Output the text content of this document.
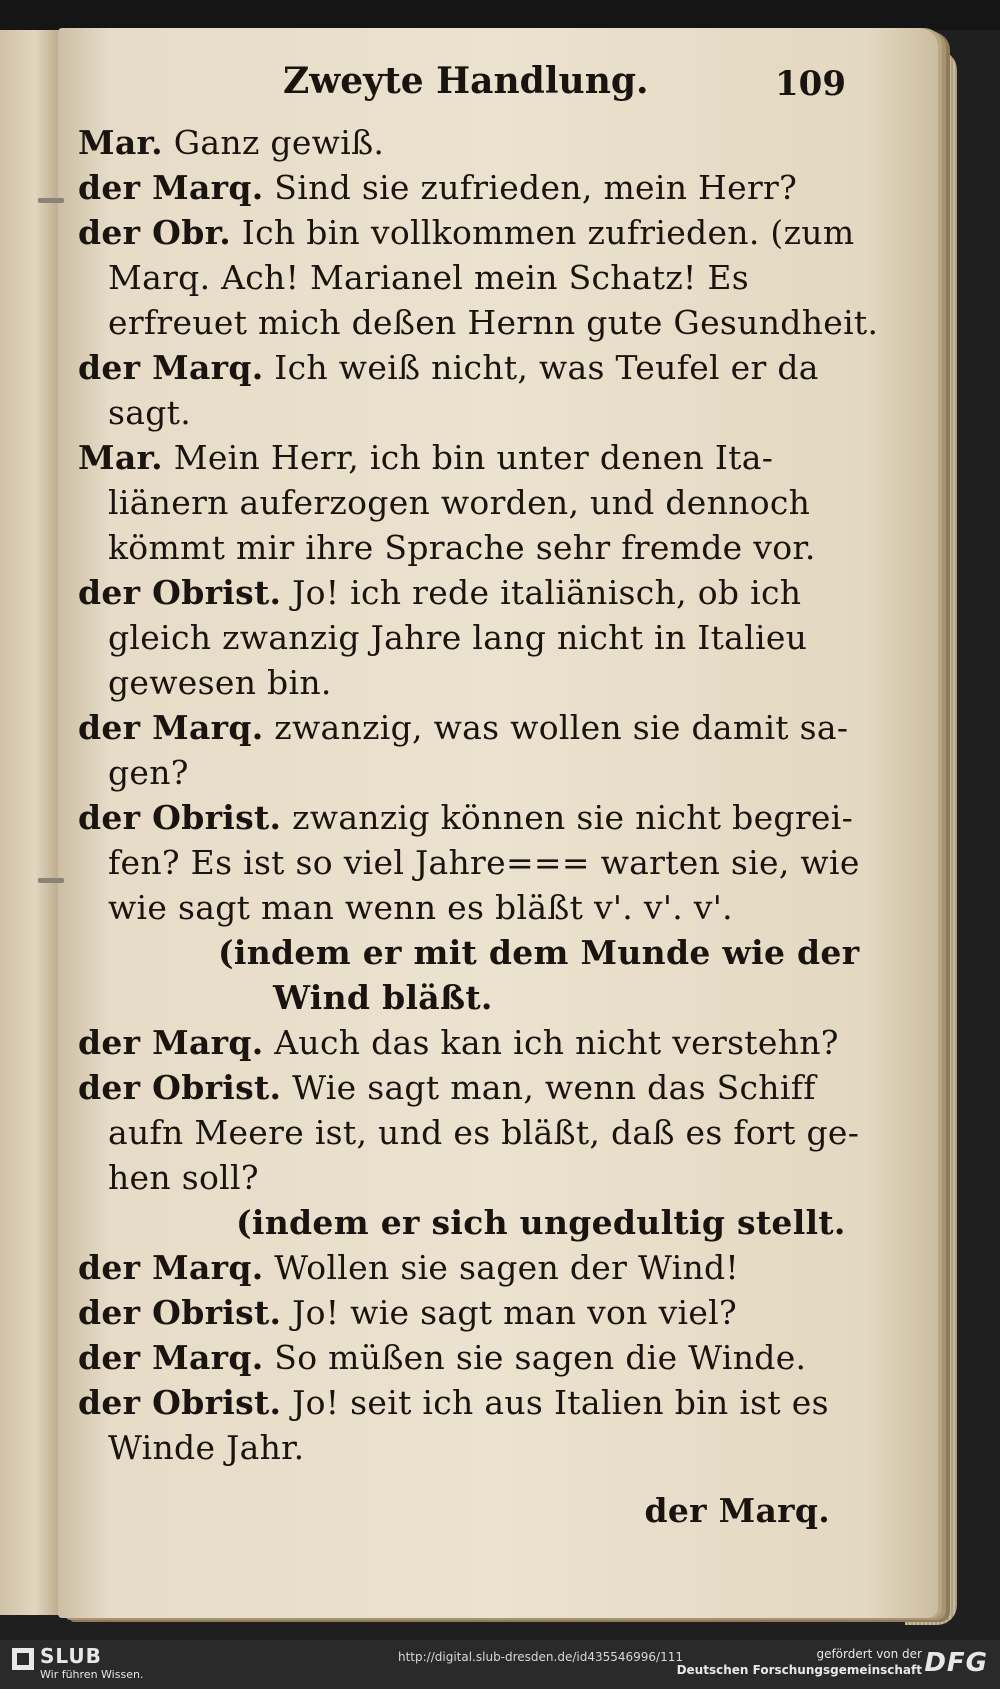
Zweyte Handlung.	109
Mar. Ganz gewiß.
der Marq. Sind sie zufrieden, mein Herr?
der Obr. Ich bin vollkommen zufrieden. (zum
Marq. Ach! Marianel mein Schatz! Es
erfreuet mich deßen Hernn gute Gesundheit.
der Marq. Ich weiß nicht, was Teufel er da
sagt.
Mar. Mein Herr, ich bin unter denen Ita-
liänern auferzogen worden, und dennoch
kömmt mir ihre Sprache sehr fremde vor.
der Obrist. Jo! ich rede italiänisch, ob ich
gleich zwanzig Jahre lang nicht in Italieu
gewesen bin.
der Marq. zwanzig, was wollen sie damit sa-
gen?
der Obrist. zwanzig können sie nicht begrei-
fen? Es ist so viel Jahre=== warten sie, wie
wie sagt man wenn es bläßt v'. v'. v'.
(indem er mit dem Munde wie der
Wind bläßt.
der Marq. Auch das kan ich nicht verstehn?
der Obrist. Wie sagt man, wenn das Schiff
aufn Meere ist, und es bläßt, daß es fort ge-
hen soll?
(indem er sich ungedultig stellt.
der Marq. Wollen sie sagen der Wind!
der Obrist. Jo! wie sagt man von viel?
der Marq. So müßen sie sagen die Winde.
der Obrist. Jo! seit ich aus Italien bin ist es
Winde Jahr.
der Marq.
SLUB
Wir führen Wissen.
http://digital.slub-dresden.de/id435546996/111	gefördert von der
Deutschen Forschungsgemeinschaft DFG
